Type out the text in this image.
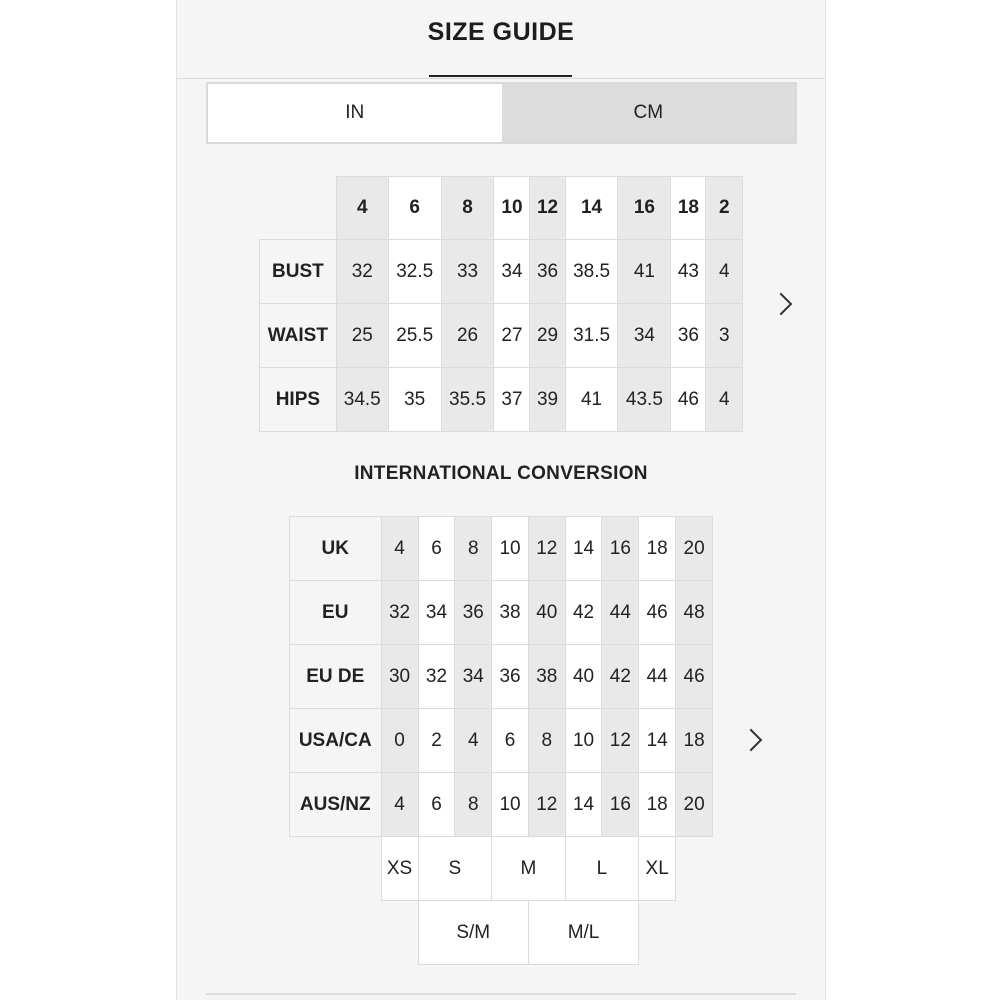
SIZE GUIDE
IN	CM
	4	6	8	10	12	14	16	18	2
BUST	32	32.5	33	34	36	38.5	41	43	4
WAIST	25	25.5	26	27	29	31.5	34	36	3
HIPS	34.5	35	35.5	37	39	41	43.5	46	4
INTERNATIONAL CONVERSION
UK	4	6	8	10	12	14	16	18	20
EU	32	34	36	38	40	42	44	46	48
EU DE	30	32	34	36	38	40	42	44	46
USA/CA	0	2	4	6	8	10	12	14	18
AUS/NZ	4	6	8	10	12	14	16	18	20
	XS	S		M		L		XL	
		S/M			M/L				
